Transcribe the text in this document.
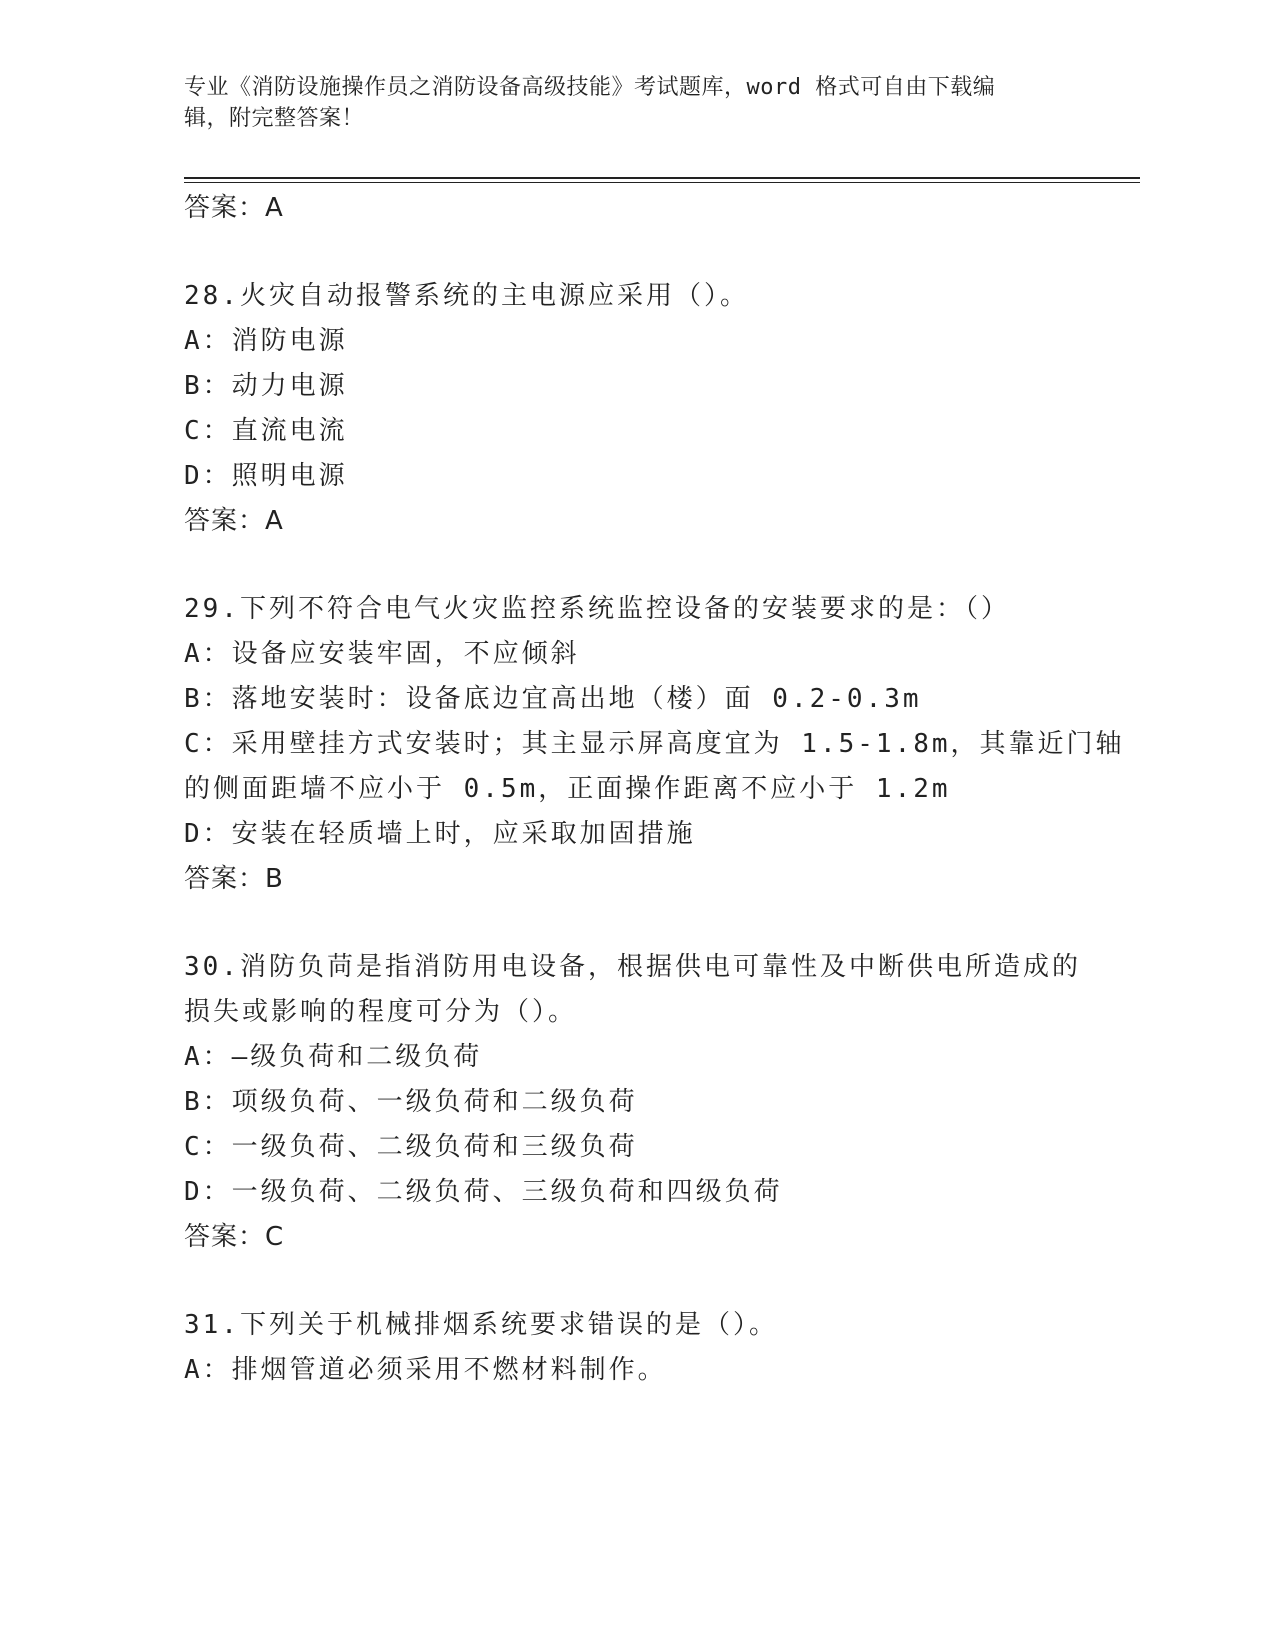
专业《消防设施操作员之消防设备高级技能》考试题库，word 格式可自由下载编
辑，附完整答案！
答案：A
28.火灾自动报警系统的主电源应采用（）。
A：消防电源
B：动力电源
C：直流电流
D：照明电源
答案：A
29.下列不符合电气火灾监控系统监控设备的安装要求的是：（）
A：设备应安装牢固，不应倾斜
B：落地安装时：设备底边宜高出地（楼）面 0.2-0.3m
C：采用壁挂方式安装时；其主显示屏高度宜为 1.5-1.8m，其靠近门轴
的侧面距墙不应小于 0.5m，正面操作距离不应小于 1.2m
D：安装在轻质墙上时，应采取加固措施
答案：B
30.消防负苘是指消防用电设备，根据供电可靠性及中断供电所造成的
损失或影响的程度可分为（）。
A：—级负荷和二级负荷
B：项级负荷、一级负荷和二级负荷
C：一级负荷、二级负荷和三级负荷
D：一级负荷、二级负荷、三级负荷和四级负荷
答案：C
31.下列关于机械排烟系统要求错误的是（）。
A：排烟管道必须采用不燃材料制作。
